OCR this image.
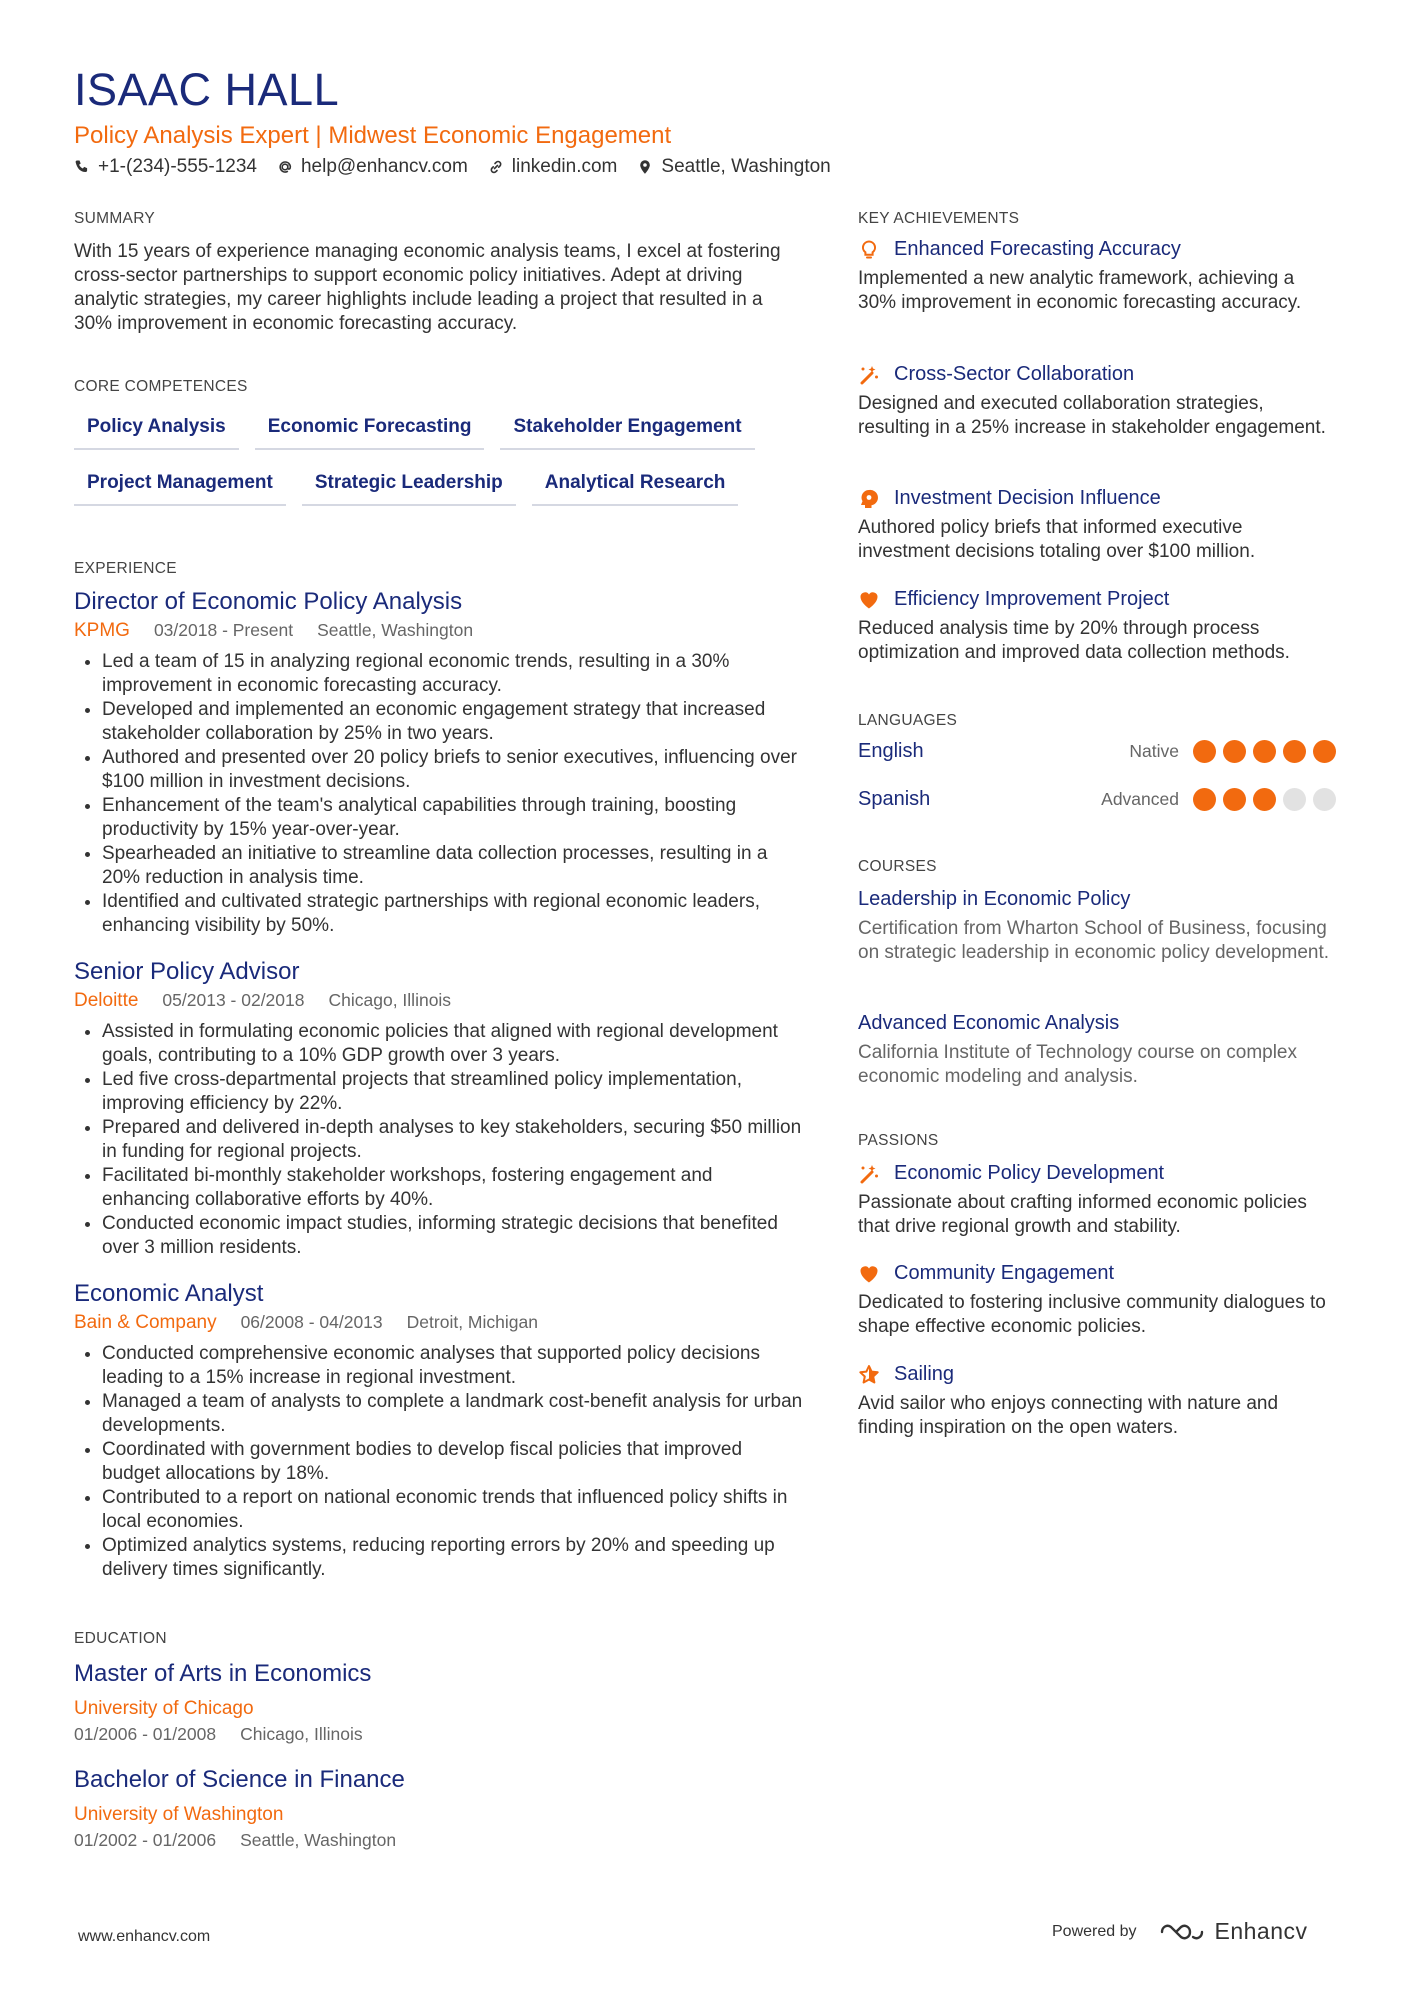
ISAAC HALL
Policy Analysis Expert | Midwest Economic Engagement
+1-(234)-555-1234 help@enhancv.com linkedin.com Seattle, Washington
SUMMARY
With 15 years of experience managing economic analysis teams, I excel at fostering cross-sector partnerships to support economic policy initiatives. Adept at driving analytic strategies, my career highlights include leading a project that resulted in a 30% improvement in economic forecasting accuracy.
CORE COMPETENCES
Policy Analysis	Economic Forecasting	Stakeholder Engagement
Project Management	Strategic Leadership	Analytical Research
EXPERIENCE
Director of Economic Policy Analysis
KPMG 03/2018 - Present Seattle, Washington
• Led a team of 15 in analyzing regional economic trends, resulting in a 30% improvement in economic forecasting accuracy.
• Developed and implemented an economic engagement strategy that increased stakeholder collaboration by 25% in two years.
• Authored and presented over 20 policy briefs to senior executives, influencing over $100 million in investment decisions.
• Enhancement of the team's analytical capabilities through training, boosting productivity by 15% year-over-year.
• Spearheaded an initiative to streamline data collection processes, resulting in a 20% reduction in analysis time.
• Identified and cultivated strategic partnerships with regional economic leaders, enhancing visibility by 50%.
Senior Policy Advisor
Deloitte 05/2013 - 02/2018 Chicago, Illinois
• Assisted in formulating economic policies that aligned with regional development goals, contributing to a 10% GDP growth over 3 years.
• Led five cross-departmental projects that streamlined policy implementation, improving efficiency by 22%.
• Prepared and delivered in-depth analyses to key stakeholders, securing $50 million in funding for regional projects.
• Facilitated bi-monthly stakeholder workshops, fostering engagement and enhancing collaborative efforts by 40%.
• Conducted economic impact studies, informing strategic decisions that benefited over 3 million residents.
Economic Analyst
Bain & Company 06/2008 - 04/2013 Detroit, Michigan
• Conducted comprehensive economic analyses that supported policy decisions leading to a 15% increase in regional investment.
• Managed a team of analysts to complete a landmark cost-benefit analysis for urban developments.
• Coordinated with government bodies to develop fiscal policies that improved budget allocations by 18%.
• Contributed to a report on national economic trends that influenced policy shifts in local economies.
• Optimized analytics systems, reducing reporting errors by 20% and speeding up delivery times significantly.
EDUCATION
Master of Arts in Economics
University of Chicago
01/2006 - 01/2008 Chicago, Illinois
Bachelor of Science in Finance
University of Washington
01/2002 - 01/2006 Seattle, Washington
KEY ACHIEVEMENTS
Enhanced Forecasting Accuracy
Implemented a new analytic framework, achieving a 30% improvement in economic forecasting accuracy.
Cross-Sector Collaboration
Designed and executed collaboration strategies, resulting in a 25% increase in stakeholder engagement.
Investment Decision Influence
Authored policy briefs that informed executive investment decisions totaling over $100 million.
Efficiency Improvement Project
Reduced analysis time by 20% through process optimization and improved data collection methods.
LANGUAGES
English	Native
Spanish	Advanced
COURSES
Leadership in Economic Policy
Certification from Wharton School of Business, focusing on strategic leadership in economic policy development.
Advanced Economic Analysis
California Institute of Technology course on complex economic modeling and analysis.
PASSIONS
Economic Policy Development
Passionate about crafting informed economic policies that drive regional growth and stability.
Community Engagement
Dedicated to fostering inclusive community dialogues to shape effective economic policies.
Sailing
Avid sailor who enjoys connecting with nature and finding inspiration on the open waters.
www.enhancv.com	Powered by	Enhancv
